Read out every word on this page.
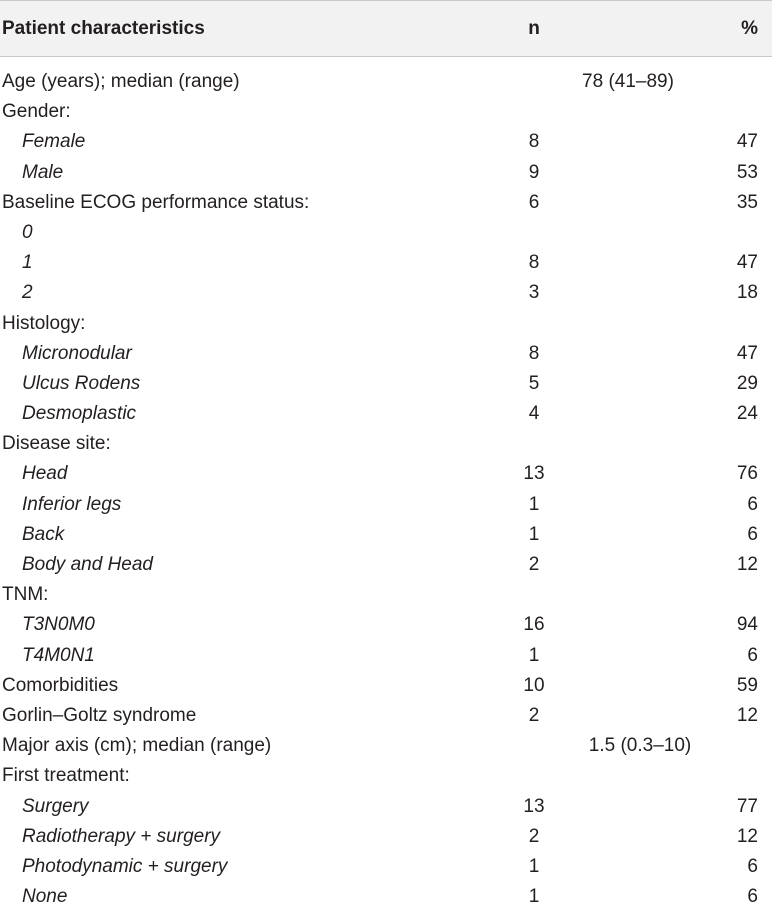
Patient characteristics	n	%
Age (years); median (range)	78 (41–89)
Gender:
Female	8	47
Male	9	53
Baseline ECOG performance status:	6	35
0
1	8	47
2	3	18
Histology:
Micronodular	8	47
Ulcus Rodens	5	29
Desmoplastic	4	24
Disease site:
Head	13	76
Inferior legs	1	6
Back	1	6
Body and Head	2	12
TNM:
T3N0M0	16	94
T4M0N1	1	6
Comorbidities	10	59
Gorlin–Goltz syndrome	2	12
Major axis (cm); median (range)	1.5 (0.3–10)
First treatment:
Surgery	13	77
Radiotherapy + surgery	2	12
Photodynamic + surgery	1	6
None	1	6
